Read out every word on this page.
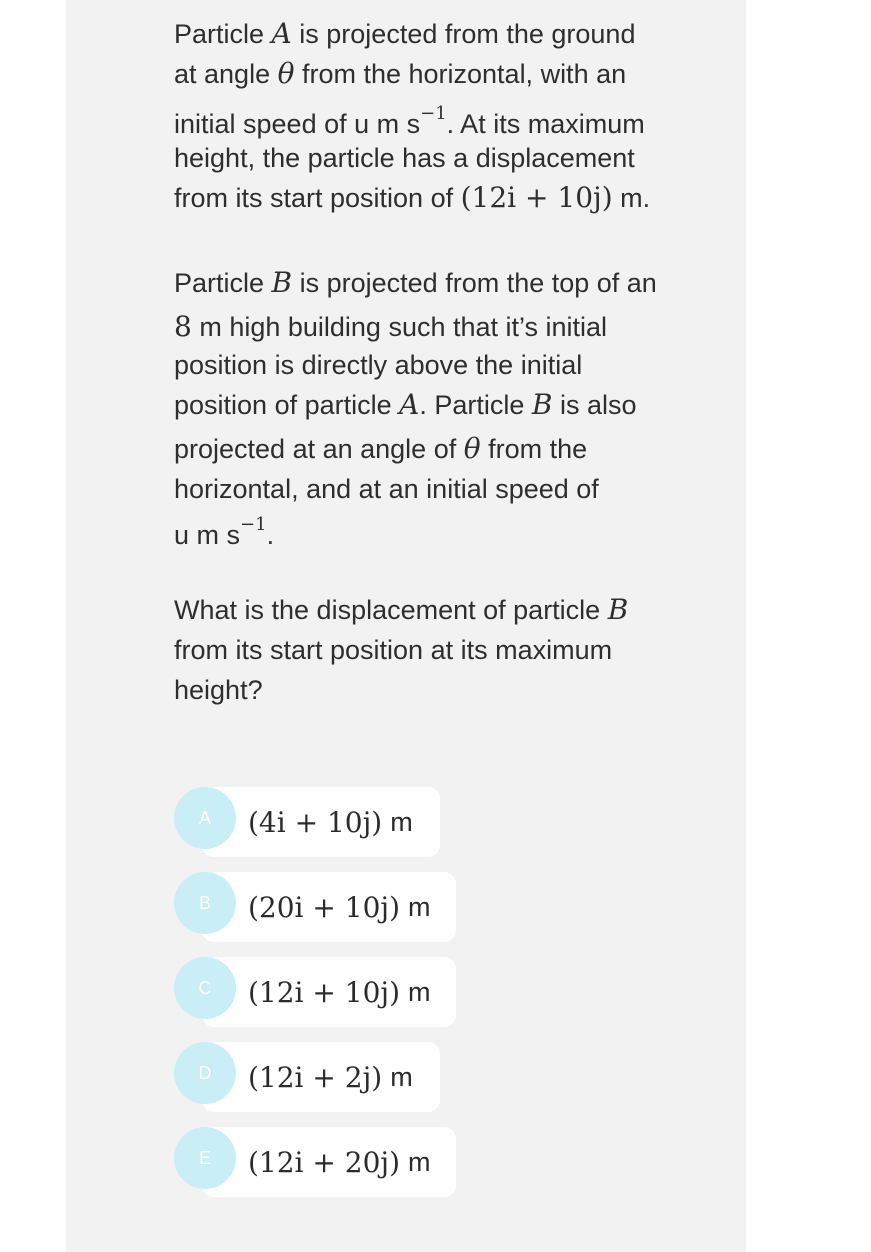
Particle A is projected from the ground
at angle θ from the horizontal, with an
initial speed of u m $s^{-1}$. At its maximum
height, the particle has a displacement
from its start position of (12i + 10j) m.
Particle B is projected from the top of an
8 m high building such that it’s initial
position is directly above the initial
position of particle A. Particle B is also
projected at an angle of θ from the
horizontal, and at an initial speed of
u m $s^{-1}$.
What is the displacement of particle B
from its start position at its maximum
height?
A	(4i + 10j) m
B	(20i + 10j) m
C	(12i + 10j) m
D	(12i + 2j) m
E	(12i + 20j) m
